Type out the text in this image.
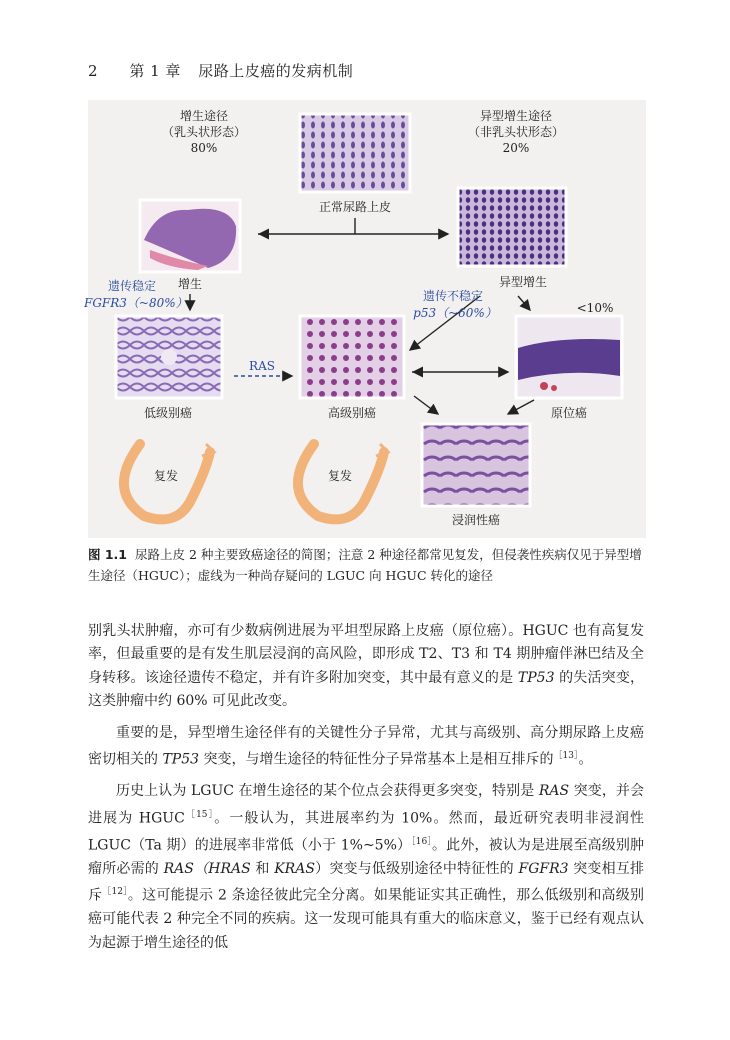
2 第 1 章 尿路上皮癌的发病机制
增生途径
（乳头状形态）
80%
异型增生途径
（非乳头状形态）
20%
正常尿路上皮
增生	异型增生
遗传稳定
FGFR3（~80%）	遗传不稳定
p53（~60%）	<10%
RAS
低级别癌	高级别癌	原位癌
浸润性癌
复发	复发
图 1.1 尿路上皮 2 种主要致癌途径的简图；注意 2 种途径都常见复发，但侵袭性疾病仅见于异型增生途径（HGUC）；虚线为一种尚存疑问的 LGUC 向 HGUC 转化的途径

别乳头状肿瘤，亦可有少数病例进展为平坦型尿路上皮癌（原位癌）。HGUC 也有高复发率，但最重要的是有发生肌层浸润的高风险，即形成 T2、T3 和 T4 期肿瘤伴淋巴结及全身转移。该途径遗传不稳定，并有许多附加突变，其中最有意义的是 TP53 的失活突变，这类肿瘤中约 60% 可见此改变。

重要的是，异型增生途径伴有的关键性分子异常，尤其与高级别、高分期尿路上皮癌密切相关的 TP53 突变，与增生途径的特征性分子异常基本上是相互排斥的$^{[13]}$。

历史上认为 LGUC 在增生途径的某个位点会获得更多突变，特别是 RAS 突变，并会进展为 $HGUC^{[15]}$。一般认为，其进展率约为 10%。然而，最近研究表明非浸润性 LGUC（Ta 期）的进展率非常低（小于 1%~5%）$^{[16]}$。此外，被认为是进展至高级别肿瘤所必需的 RAS（HRAS 和 KRAS）突变与低级别途径中特征性的 FGFR3 突变相互排斥$^{[12]}$。这可能提示 2 条途径彼此完全分离。如果能证实其正确性，那么低级别和高级别癌可能代表 2 种完全不同的疾病。这一发现可能具有重大的临床意义，鉴于已经有观点认为起源于增生途径的低
